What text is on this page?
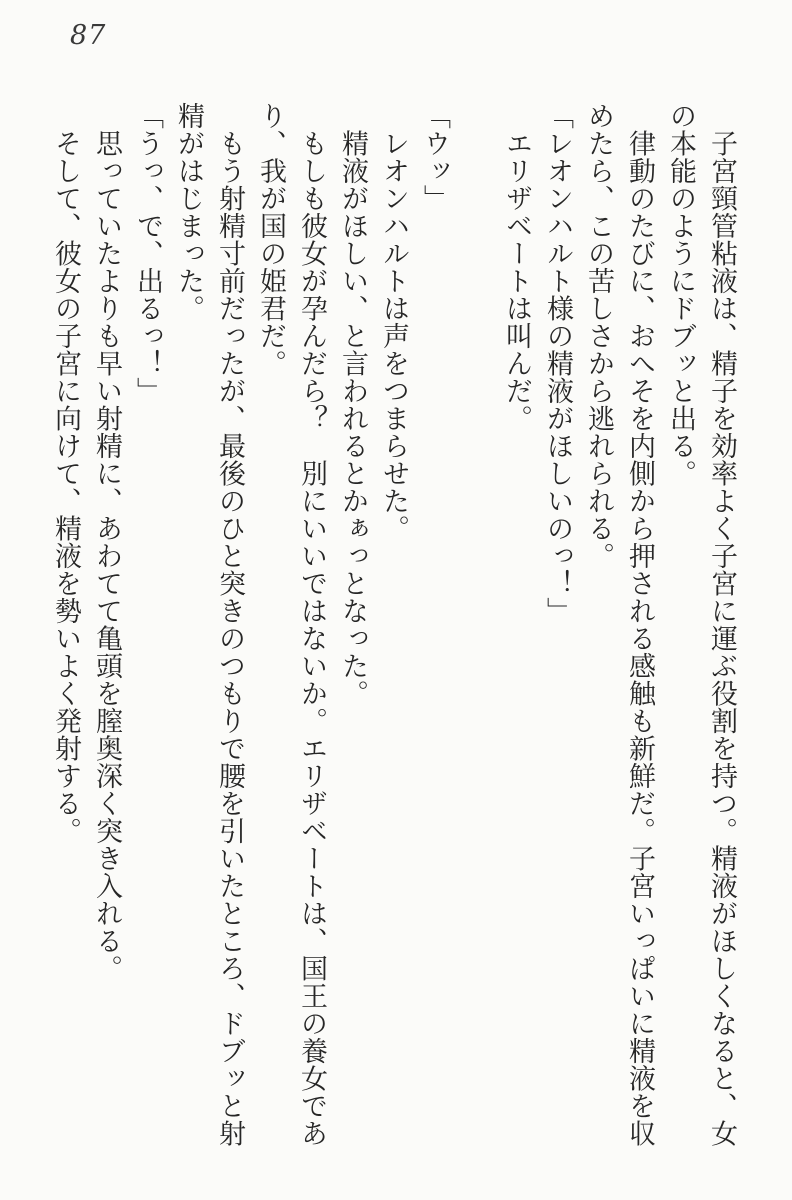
87

　子宮頸管粘液は、精子を効率よく子宮に運ぶ役割を持つ。精液がほしくなると、女の本能のようにドブッと出る。

　律動のたびに、おへそを内側から押される感触も新鮮だ。子宮いっぱいに精液を収めたら、この苦しさから逃れられる。

「レオンハルト様の精液がほしいのっ！」

　エリザベートは叫んだ。

「ウッ」

　レオンハルトは声をつまらせた。

　精液がほしい、と言われるとかぁっとなった。

　もしも彼女が孕んだら？　別にいいではないか。エリザベートは、国王の養女であり、我が国の姫君だ。

　もう射精寸前だったが、最後のひと突きのつもりで腰を引いたところ、ドブッと射精がはじまった。

「うっ、で、出るっ！」

　思っていたよりも早い射精に、あわてて亀頭を膣奥深く突き入れる。

　そして、彼女の子宮に向けて、精液を勢いよく発射する。
